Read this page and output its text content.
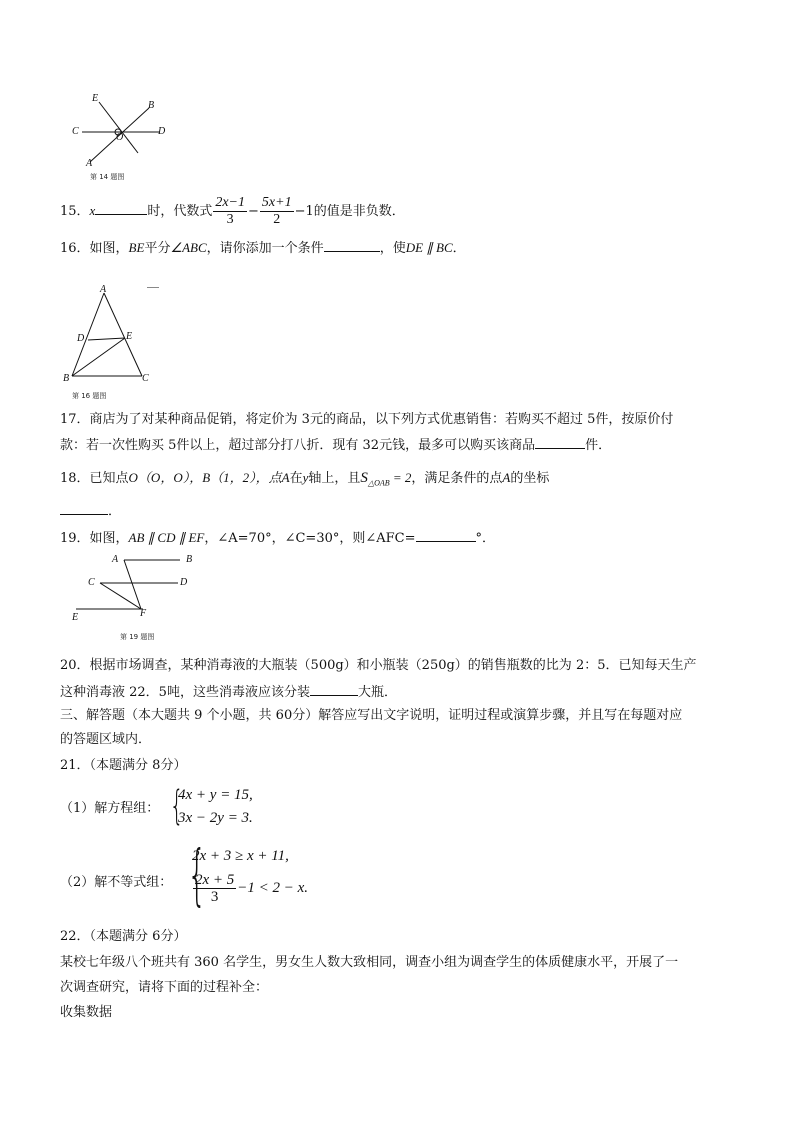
E
B
C
O
D
A
第 14 题图
15．x	时，代数式 $\frac{2x-1}{3} - \frac{5x+1}{2} -1$的值是非负数．
16．如图，BE平分∠ABC，请你添加一个条件	，使DE ∥ BC．
A
D	E
B	C
第 16 题图
17．商店为了对某种商品促销，将定价为 3元的商品，以下列方式优惠销售：若购买不超过 5件，按原价付
款：若一次性购买 5件以上，超过部分打八折．现有 32元钱，最多可以购买该商品	件．
18．已知点O（O，O），B（1，2），点A在y轴上，且$S_{\triangle OAB} = 2$，满足条件的点A的坐标
．
19．如图，AB ∥ CD ∥ EF，∠A=70°，∠C=30°，则∠AFC=	°．
A	B
C	D
E	F
第 19 题图
20．根据市场调查，某种消毒液的大瓶装（500g）和小瓶装（250g）的销售瓶数的比为 2：5．已知每天生产
这种消毒液 22．5吨，这些消毒液应该分装	大瓶．
三、解答题（本大题共 9 个小题，共 60分）解答应写出文字说明，证明过程或演算步骤，并且写在每题对应
的答题区域内．
21．（本题满分 8分）
（1）解方程组： {
4x + y = 15,
3x − 2y = 3.
（2）解不等式组： {
2x + 3 ≥ x + 11,
$\frac{2x + 5}{3} -1 < 2 - x$.
22．（本题满分 6分）
某校七年级八个班共有 360 名学生，男女生人数大致相同，调查小组为调查学生的体质健康水平，开展了一
次调查研究，请将下面的过程补全：
收集数据
